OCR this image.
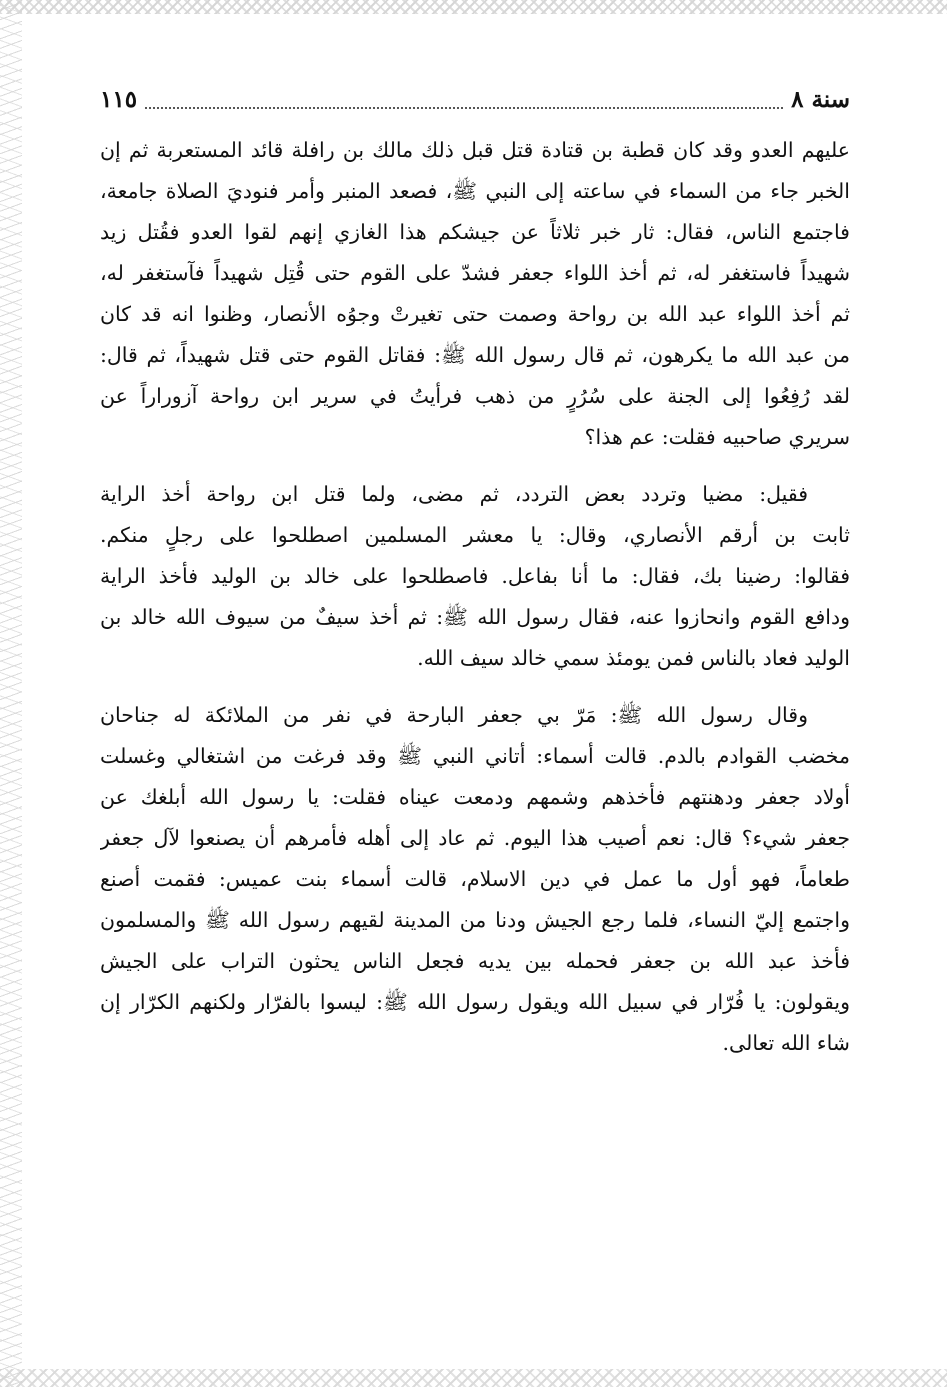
سنة ٨
١١٥
عليهم العدو وقد كان قطبة بن قتادة قتل قبل ذلك مالك بن رافلة قائد المستعربة ثم إن
الخبر جاء من السماء في ساعته إلى النبي ﷺ، فصعد المنبر وأمر فنوديَ الصلاة جامعة،
فاجتمع الناس، فقال: ثار خبر ثلاثاً عن جيشكم هذا الغازي إنهم لقوا العدو فقُتل زيد
شهيداً فاستغفر له، ثم أخذ اللواء جعفر فشدّ على القوم حتى قُتِل شهيداً فآستغفر له،
ثم أخذ اللواء عبد الله بن رواحة وصمت حتى تغيرتْ وجوُه الأنصار، وظنوا انه قد كان
من عبد الله ما يكرهون، ثم قال رسول الله ﷺ: فقاتل القوم حتى قتل شهيداً، ثم قال:
لقد رُفِعُوا إلى الجنة على سُرُرٍ من ذهب فرأيتُ في سرير ابن رواحة آزوراراً عن
سريري صاحبيه فقلت: عم هذا؟
فقيل: مضيا وتردد بعض التردد، ثم مضى، ولما قتل ابن رواحة أخذ الراية
ثابت بن أرقم الأنصاري، وقال: يا معشر المسلمين اصطلحوا على رجلٍ منكم.
فقالوا: رضينا بك، فقال: ما أنا بفاعل. فاصطلحوا على خالد بن الوليد فأخذ الراية
ودافع القوم وانحازوا عنه، فقال رسول الله ﷺ: ثم أخذ سيفٌ من سيوف الله خالد بن
الوليد فعاد بالناس فمن يومئذ سمي خالد سيف الله.
وقال رسول الله ﷺ: مَرّ بي جعفر البارحة في نفر من الملائكة له جناحان
مخضب القوادم بالدم. قالت أسماء: أتاني النبي ﷺ وقد فرغت من اشتغالي وغسلت
أولاد جعفر ودهنتهم فأخذهم وشمهم ودمعت عيناه فقلت: يا رسول الله أبلغك عن
جعفر شيء؟ قال: نعم أصيب هذا اليوم. ثم عاد إلى أهله فأمرهم أن يصنعوا لآل جعفر
طعاماً، فهو أول ما عمل في دين الاسلام، قالت أسماء بنت عميس: فقمت أصنع
واجتمع إليّ النساء، فلما رجع الجيش ودنا من المدينة لقيهم رسول الله ﷺ والمسلمون
فأخذ عبد الله بن جعفر فحمله بين يديه فجعل الناس يحثون التراب على الجيش
ويقولون: يا فُرّار في سبيل الله ويقول رسول الله ﷺ: ليسوا بالفرّار ولكنهم الكرّار إن
شاء الله تعالى.
